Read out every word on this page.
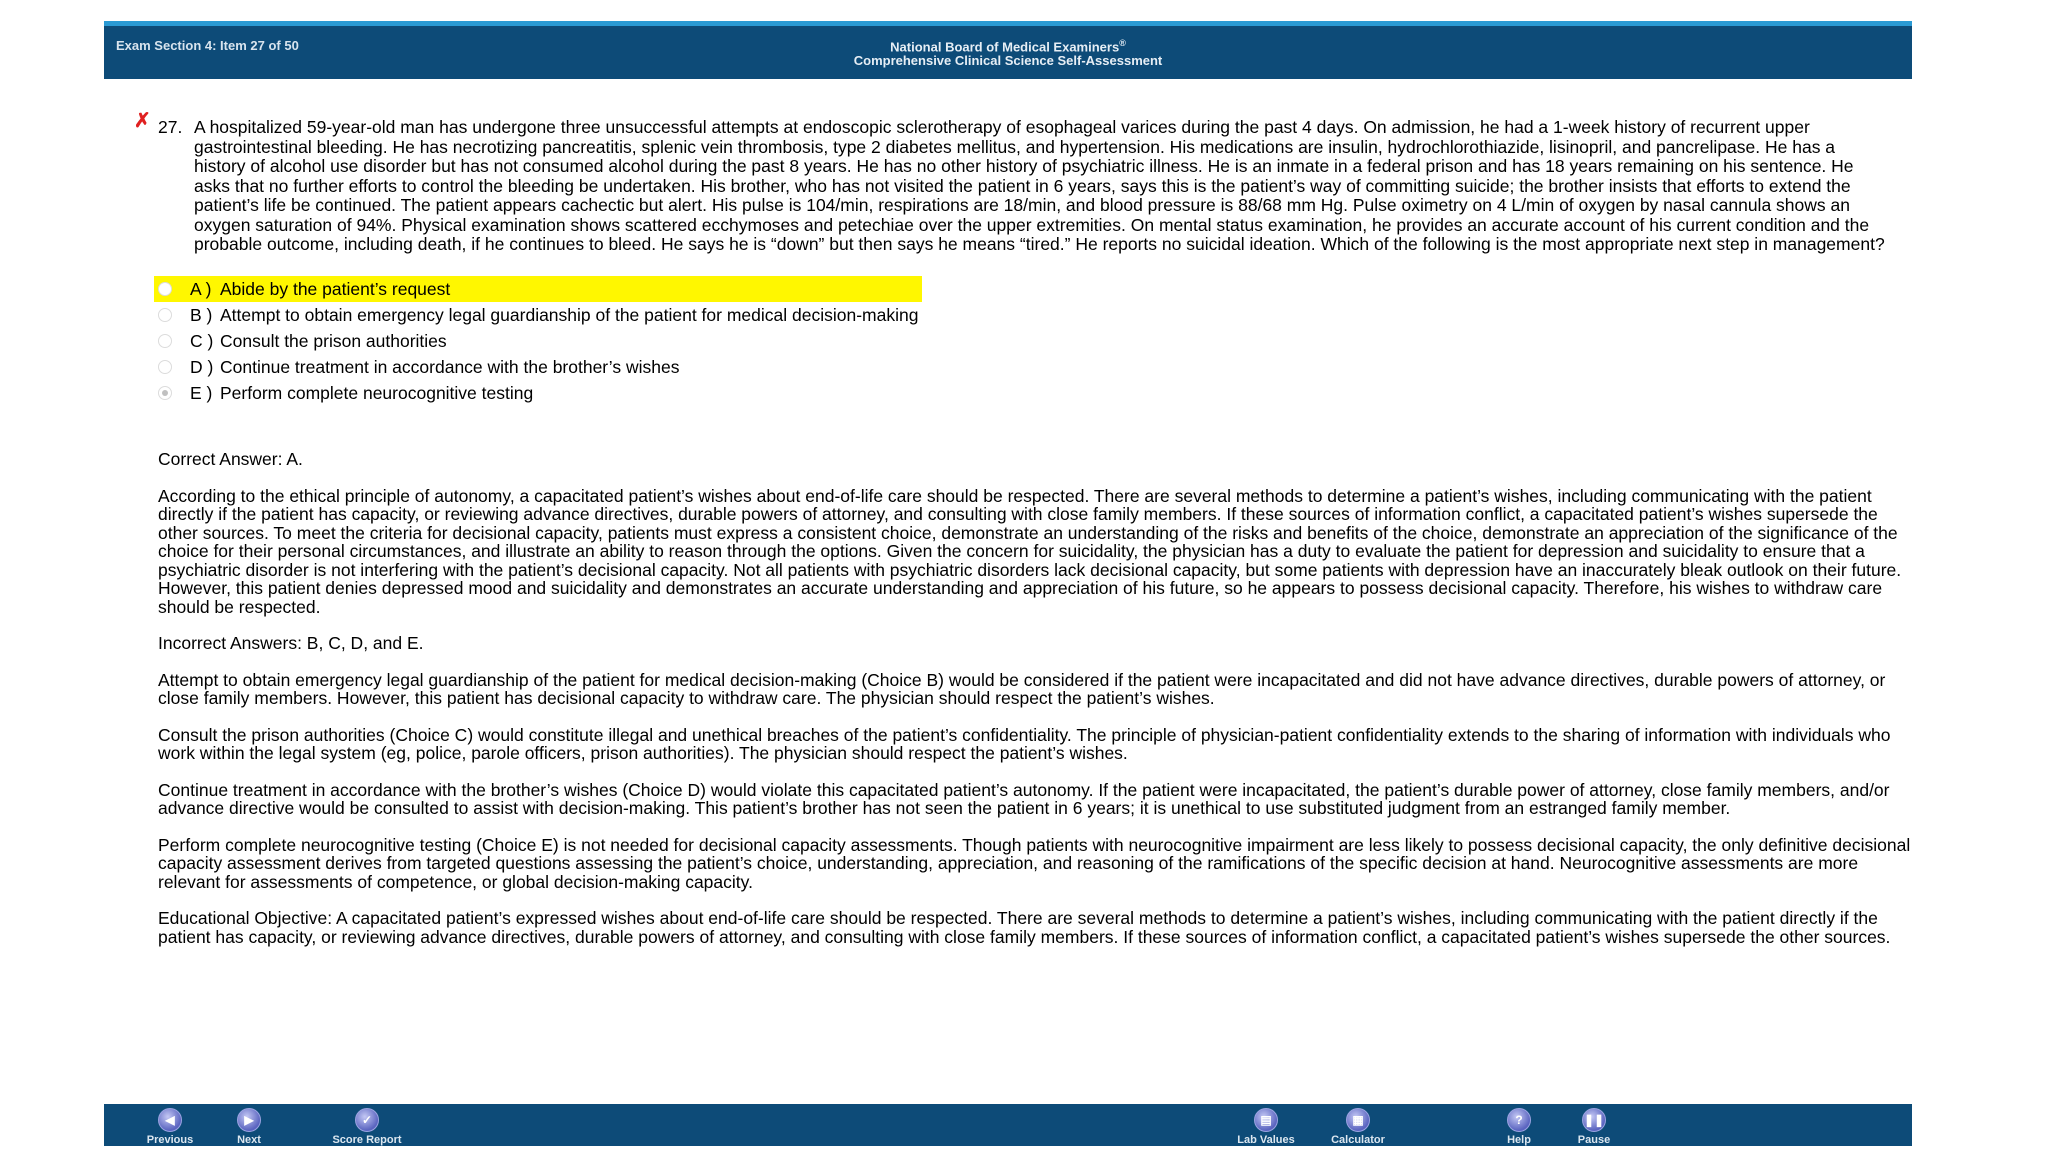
Exam Section 4: Item 27 of 50	National Board of Medical Examiners®
Comprehensive Clinical Science Self-Assessment
✗ 27. A hospitalized 59-year-old man has undergone three unsuccessful attempts at endoscopic sclerotherapy of esophageal varices during the past 4 days. On admission, he had a 1-week history of recurrent upper gastrointestinal bleeding. He has necrotizing pancreatitis, splenic vein thrombosis, type 2 diabetes mellitus, and hypertension. His medications are insulin, hydrochlorothiazide, lisinopril, and pancrelipase. He has a history of alcohol use disorder but has not consumed alcohol during the past 8 years. He has no other history of psychiatric illness. He is an inmate in a federal prison and has 18 years remaining on his sentence. He asks that no further efforts to control the bleeding be undertaken. His brother, who has not visited the patient in 6 years, says this is the patient’s way of committing suicide; the brother insists that efforts to extend the patient’s life be continued. The patient appears cachectic but alert. His pulse is 104/min, respirations are 18/min, and blood pressure is 88/68 mm Hg. Pulse oximetry on 4 L/min of oxygen by nasal cannula shows an oxygen saturation of 94%. Physical examination shows scattered ecchymoses and petechiae over the upper extremities. On mental status examination, he provides an accurate account of his current condition and the probable outcome, including death, if he continues to bleed. He says he is “down” but then says he means “tired.” He reports no suicidal ideation. Which of the following is the most appropriate next step in management?
A ) Abide by the patient’s request
B ) Attempt to obtain emergency legal guardianship of the patient for medical decision-making
C ) Consult the prison authorities
D ) Continue treatment in accordance with the brother’s wishes
E ) Perform complete neurocognitive testing

Correct Answer: A.

According to the ethical principle of autonomy, a capacitated patient’s wishes about end-of-life care should be respected. There are several methods to determine a patient’s wishes, including communicating with the patient directly if the patient has capacity, or reviewing advance directives, durable powers of attorney, and consulting with close family members. If these sources of information conflict, a capacitated patient’s wishes supersede the other sources. To meet the criteria for decisional capacity, patients must express a consistent choice, demonstrate an understanding of the risks and benefits of the choice, demonstrate an appreciation of the significance of the choice for their personal circumstances, and illustrate an ability to reason through the options. Given the concern for suicidality, the physician has a duty to evaluate the patient for depression and suicidality to ensure that a psychiatric disorder is not interfering with the patient’s decisional capacity. Not all patients with psychiatric disorders lack decisional capacity, but some patients with depression have an inaccurately bleak outlook on their future. However, this patient denies depressed mood and suicidality and demonstrates an accurate understanding and appreciation of his future, so he appears to possess decisional capacity. Therefore, his wishes to withdraw care should be respected.

Incorrect Answers: B, C, D, and E.

Attempt to obtain emergency legal guardianship of the patient for medical decision-making (Choice B) would be considered if the patient were incapacitated and did not have advance directives, durable powers of attorney, or close family members. However, this patient has decisional capacity to withdraw care. The physician should respect the patient’s wishes.

Consult the prison authorities (Choice C) would constitute illegal and unethical breaches of the patient’s confidentiality. The principle of physician-patient confidentiality extends to the sharing of information with individuals who work within the legal system (eg, police, parole officers, prison authorities). The physician should respect the patient’s wishes.

Continue treatment in accordance with the brother’s wishes (Choice D) would violate this capacitated patient’s autonomy. If the patient were incapacitated, the patient’s durable power of attorney, close family members, and/or advance directive would be consulted to assist with decision-making. This patient’s brother has not seen the patient in 6 years; it is unethical to use substituted judgment from an estranged family member.

Perform complete neurocognitive testing (Choice E) is not needed for decisional capacity assessments. Though patients with neurocognitive impairment are less likely to possess decisional capacity, the only definitive decisional capacity assessment derives from targeted questions assessing the patient’s choice, understanding, appreciation, and reasoning of the ramifications of the specific decision at hand. Neurocognitive assessments are more relevant for assessments of competence, or global decision-making capacity.

Educational Objective: A capacitated patient’s expressed wishes about end-of-life care should be respected. There are several methods to determine a patient’s wishes, including communicating with the patient directly if the patient has capacity, or reviewing advance directives, durable powers of attorney, and consulting with close family members. If these sources of information conflict, a capacitated patient’s wishes supersede the other sources.

◀
Previous
▶
Next
✓
Score Report
▤
Lab Values
▦
Calculator
?
Help
❚❚
Pause
